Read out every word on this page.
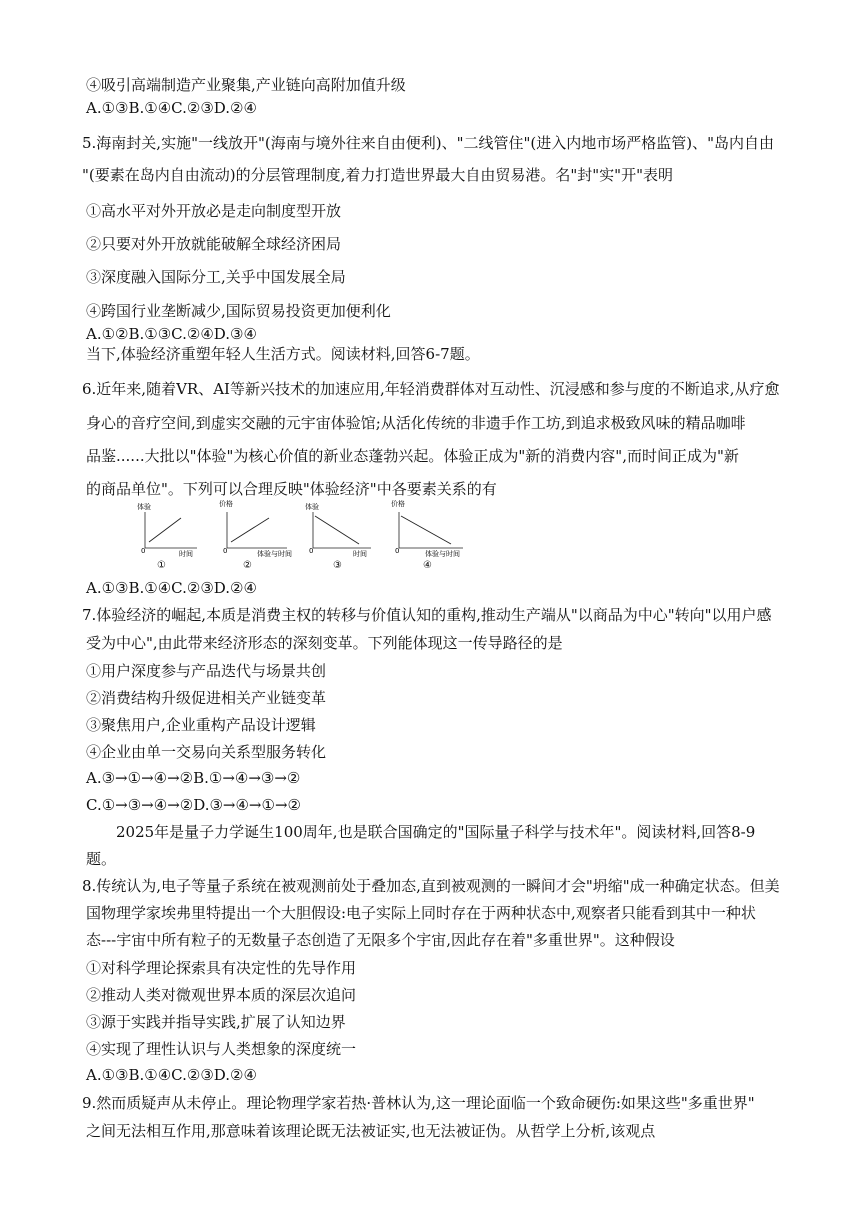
④吸引高端制造产业聚集,产业链向高附加值升级
A.①③B.①④C.②③D.②④
5.海南封关,实施"一线放开"(海南与境外往来自由便利)、"二线管住"(进入内地市场严格监管)、"岛内自由
"(要素在岛内自由流动)的分层管理制度,着力打造世界最大自由贸易港。名"封"实"开"表明
①高水平对外开放必是走向制度型开放
②只要对外开放就能破解全球经济困局
③深度融入国际分工,关乎中国发展全局
④跨国行业垄断减少,国际贸易投资更加便利化
A.①②B.①③C.②④D.③④
当下,体验经济重塑年轻人生活方式。阅读材料,回答6-7题。
6.近年来,随着VR、AI等新兴技术的加速应用,年轻消费群体对互动性、沉浸感和参与度的不断追求,从疗愈
身心的音疗空间,到虚实交融的元宇宙体验馆;从活化传统的非遗手作工坊,到追求极致风味的精品咖啡
品鉴......大批以"体验"为核心价值的新业态蓬勃兴起。体验正成为"新的消费内容",而时间正成为"新
的商品单位"。下列可以合理反映"体验经济"中各要素关系的有
体验
0	时间
①
价格
0	体验与时间
②
体验
0	时间
③
价格
0	体验与时间
④
A.①③B.①④C.②③D.②④
7.体验经济的崛起,本质是消费主权的转移与价值认知的重构,推动生产端从"以商品为中心"转向"以用户感
受为中心",由此带来经济形态的深刻变革。下列能体现这一传导路径的是
①用户深度参与产品迭代与场景共创
②消费结构升级促进相关产业链变革
③聚焦用户,企业重构产品设计逻辑
④企业由单一交易向关系型服务转化
A.③→①→④→②B.①→④→③→②
C.①→③→④→②D.③→④→①→②
2025年是量子力学诞生100周年,也是联合国确定的"国际量子科学与技术年"。阅读材料,回答8-9
题。
8.传统认为,电子等量子系统在被观测前处于叠加态,直到被观测的一瞬间才会"坍缩"成一种确定状态。但美
国物理学家埃弗里特提出一个大胆假设:电子实际上同时存在于两种状态中,观察者只能看到其中一种状
态---宇宙中所有粒子的无数量子态创造了无限多个宇宙,因此存在着"多重世界"。这种假设
①对科学理论探索具有决定性的先导作用
②推动人类对微观世界本质的深层次追问
③源于实践并指导实践,扩展了认知边界
④实现了理性认识与人类想象的深度统一
A.①③B.①④C.②③D.②④
9.然而质疑声从未停止。理论物理学家若热·普林认为,这一理论面临一个致命硬伤:如果这些"多重世界"
之间无法相互作用,那意味着该理论既无法被证实,也无法被证伪。从哲学上分析,该观点
